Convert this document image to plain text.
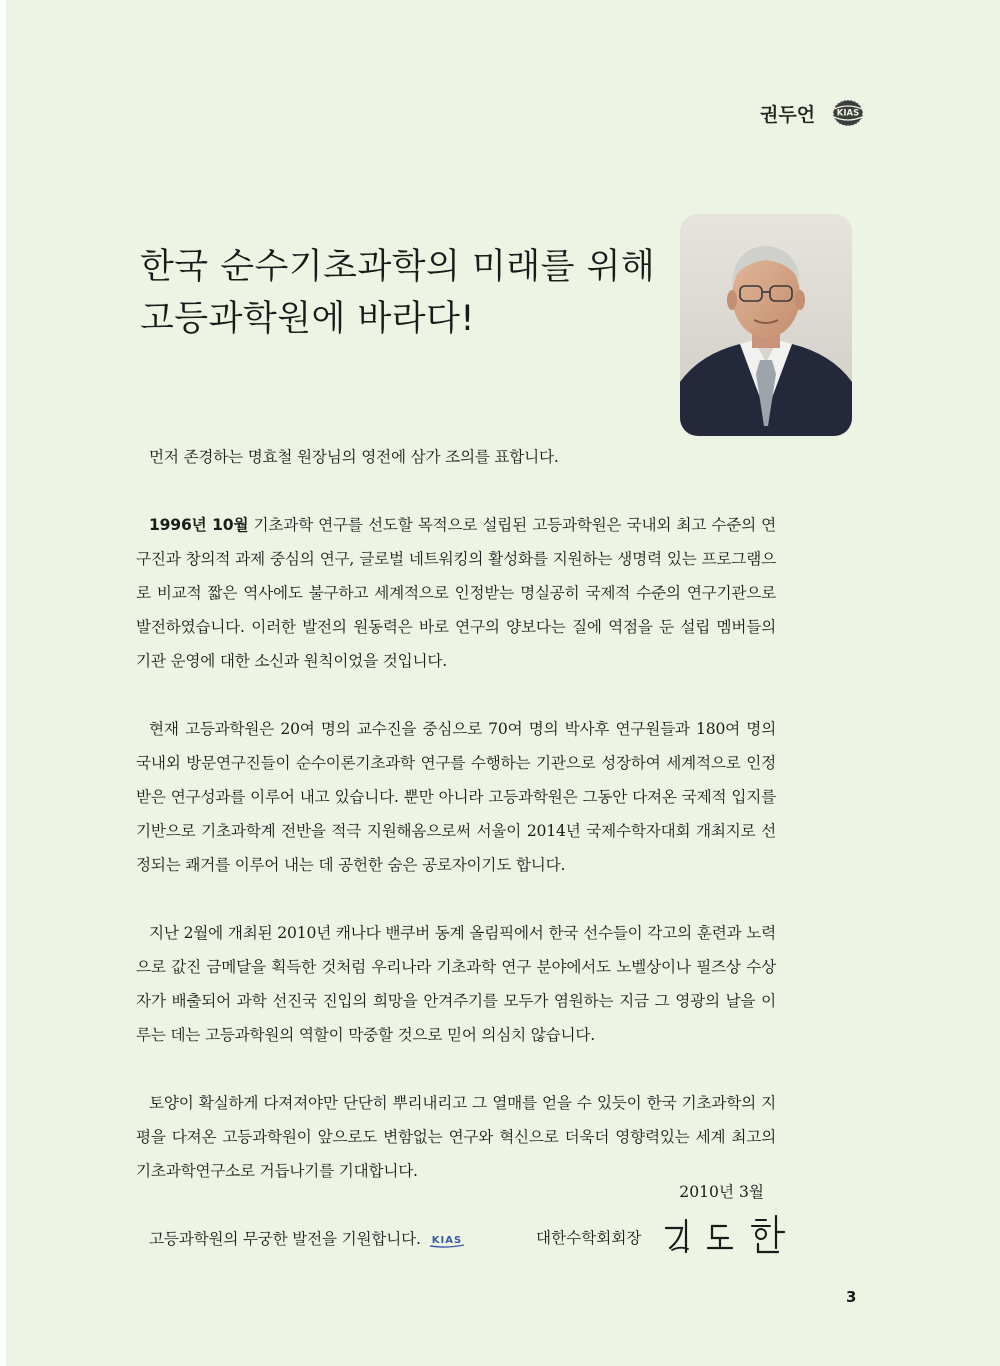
권두언	KIAS
한국 순수기초과학의 미래를 위해
고등과학원에 바라다!

먼저 존경하는 명효철 원장님의 영전에 삼가 조의를 표합니다.

1996년 10월 기초과학 연구를 선도할 목적으로 설립된 고등과학원은 국내외 최고 수준의 연구진과 창의적 과제 중심의 연구, 글로벌 네트워킹의 활성화를 지원하는 생명력 있는 프로그램으로 비교적 짧은 역사에도 불구하고 세계적으로 인정받는 명실공히 국제적 수준의 연구기관으로 발전하였습니다. 이러한 발전의 원동력은 바로 연구의 양보다는 질에 역점을 둔 설립 멤버들의 기관 운영에 대한 소신과 원칙이었을 것입니다.

현재 고등과학원은 20여 명의 교수진을 중심으로 70여 명의 박사후 연구원들과 180여 명의 국내외 방문연구진들이 순수이론기초과학 연구를 수행하는 기관으로 성장하여 세계적으로 인정받은 연구성과를 이루어 내고 있습니다. 뿐만 아니라 고등과학원은 그동안 다져온 국제적 입지를 기반으로 기초과학계 전반을 적극 지원해옴으로써 서울이 2014년 국제수학자대회 개최지로 선정되는 쾌거를 이루어 내는 데 공헌한 숨은 공로자이기도 합니다.

지난 2월에 개최된 2010년 캐나다 밴쿠버 동계 올림픽에서 한국 선수들이 각고의 훈련과 노력으로 값진 금메달을 획득한 것처럼 우리나라 기초과학 연구 분야에서도 노벨상이나 필즈상 수상자가 배출되어 과학 선진국 진입의 희망을 안겨주기를 모두가 염원하는 지금 그 영광의 날을 이루는 데는 고등과학원의 역할이 막중할 것으로 믿어 의심치 않습니다.

토양이 확실하게 다져져야만 단단히 뿌리내리고 그 열매를 얻을 수 있듯이 한국 기초과학의 지평을 다져온 고등과학원이 앞으로도 변함없는 연구와 혁신으로 더욱더 영향력있는 세계 최고의 기초과학연구소로 거듭나기를 기대합니다.

고등과학원의 무궁한 발전을 기원합니다. KIAS

2010년 3월
대한수학회회장
3
